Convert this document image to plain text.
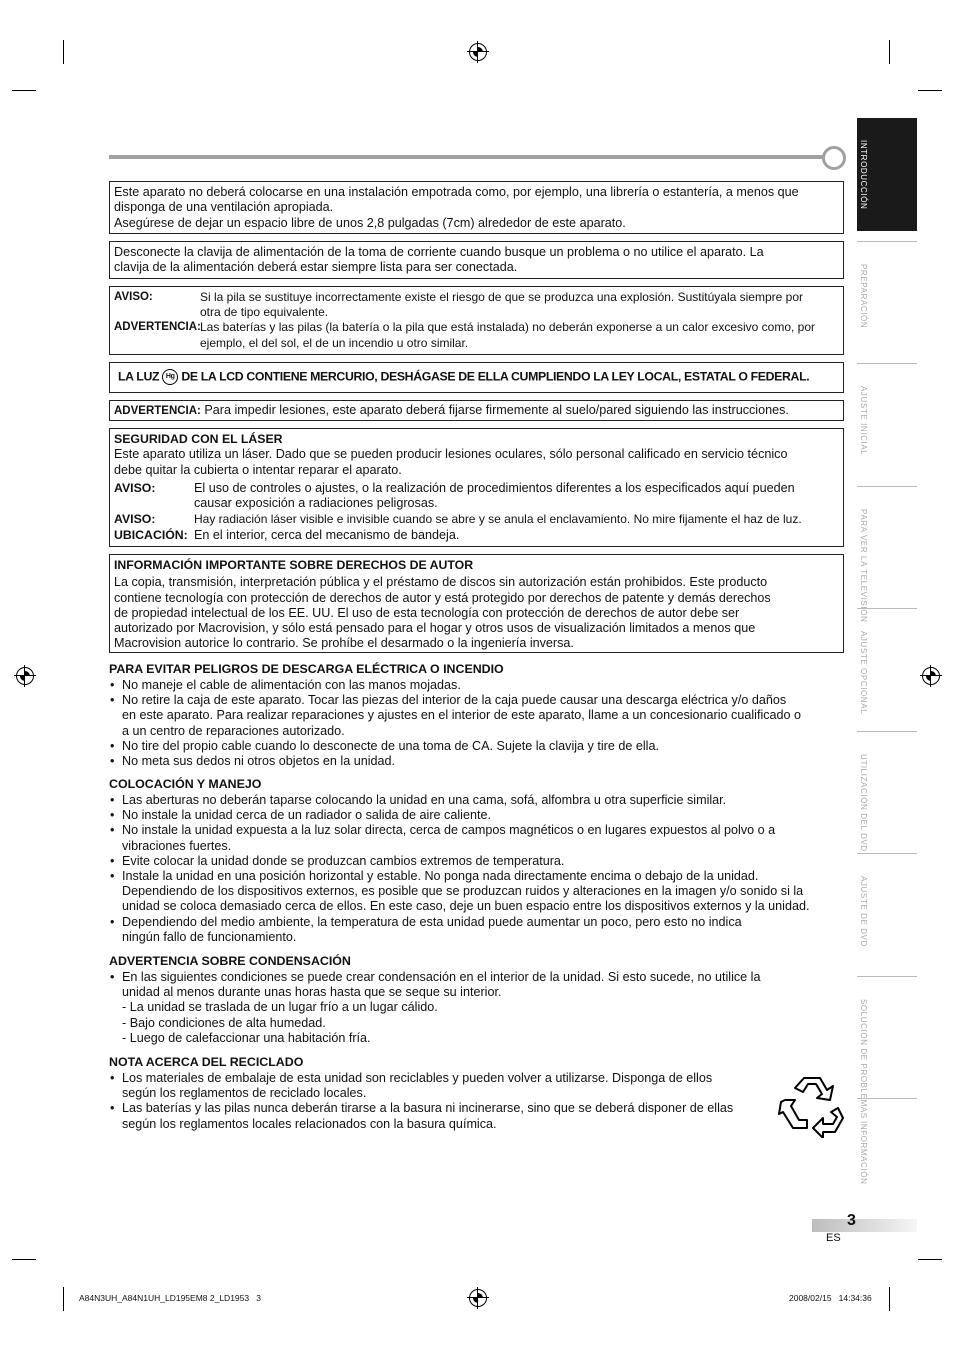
INTRODUCCIÓN
PREPARACIÓN
AJUSTE INICIAL
PARA VER LA TELEVISIÓN
AJUSTE OPCIONAL
UTILIZACIÓN DEL DVD
AJUSTE DE DVD
SOLUCIÓN DE PROBLEMAS
INFORMACIÓN
Este aparato no deberá colocarse en una instalación empotrada como, por ejemplo, una librería o estantería, a menos que
disponga de una ventilación apropiada.
Asegúrese de dejar un espacio libre de unos 2,8 pulgadas (7cm) alrededor de este aparato.
Desconecte la clavija de alimentación de la toma de corriente cuando busque un problema o no utilice el aparato. La
clavija de la alimentación deberá estar siempre lista para ser conectada.
AVISO:	Si la pila se sustituye incorrectamente existe el riesgo de que se produzca una explosión. Sustitúyala siempre por
otra de tipo equivalente.
ADVERTENCIA: Las baterías y las pilas (la batería o la pila que está instalada) no deberán exponerse a un calor excesivo como, por
ejemplo, el del sol, el de un incendio u otro similar.
LA LUZ Hg DE LA LCD CONTIENE MERCURIO, DESHÁGASE DE ELLA CUMPLIENDO LA LEY LOCAL, ESTATAL O FEDERAL.
ADVERTENCIA: Para impedir lesiones, este aparato deberá fijarse firmemente al suelo/pared siguiendo las instrucciones.
SEGURIDAD CON EL LÁSER
Este aparato utiliza un láser. Dado que se pueden producir lesiones oculares, sólo personal calificado en servicio técnico
debe quitar la cubierta o intentar reparar el aparato.
AVISO:	El uso de controles o ajustes, o la realización de procedimientos diferentes a los especificados aquí pueden
causar exposición a radiaciones peligrosas.
AVISO:	Hay radiación láser visible e invisible cuando se abre y se anula el enclavamiento. No mire fijamente el haz de luz.
UBICACIÓN: En el interior, cerca del mecanismo de bandeja.
INFORMACIÓN IMPORTANTE SOBRE DERECHOS DE AUTOR
La copia, transmisión, interpretación pública y el préstamo de discos sin autorización están prohibidos. Este producto
contiene tecnología con protección de derechos de autor y está protegido por derechos de patente y demás derechos
de propiedad intelectual de los EE. UU. El uso de esta tecnología con protección de derechos de autor debe ser
autorizado por Macrovision, y sólo está pensado para el hogar y otros usos de visualización limitados a menos que
Macrovision autorice lo contrario. Se prohíbe el desarmado o la ingeniería inversa.
PARA EVITAR PELIGROS DE DESCARGA ELÉCTRICA O INCENDIO
• No maneje el cable de alimentación con las manos mojadas.
• No retire la caja de este aparato. Tocar las piezas del interior de la caja puede causar una descarga eléctrica y/o daños
en este aparato. Para realizar reparaciones y ajustes en el interior de este aparato, llame a un concesionario cualificado o
a un centro de reparaciones autorizado.
• No tire del propio cable cuando lo desconecte de una toma de CA. Sujete la clavija y tire de ella.
• No meta sus dedos ni otros objetos en la unidad.
COLOCACIÓN Y MANEJO
• Las aberturas no deberán taparse colocando la unidad en una cama, sofá, alfombra u otra superficie similar.
• No instale la unidad cerca de un radiador o salida de aire caliente.
• No instale la unidad expuesta a la luz solar directa, cerca de campos magnéticos o en lugares expuestos al polvo o a
vibraciones fuertes.
• Evite colocar la unidad donde se produzcan cambios extremos de temperatura.
• Instale la unidad en una posición horizontal y estable. No ponga nada directamente encima o debajo de la unidad.
Dependiendo de los dispositivos externos, es posible que se produzcan ruidos y alteraciones en la imagen y/o sonido si la
unidad se coloca demasiado cerca de ellos. En este caso, deje un buen espacio entre los dispositivos externos y la unidad.
• Dependiendo del medio ambiente, la temperatura de esta unidad puede aumentar un poco, pero esto no indica
ningún fallo de funcionamiento.
ADVERTENCIA SOBRE CONDENSACIÓN
• En las siguientes condiciones se puede crear condensación en el interior de la unidad. Si esto sucede, no utilice la
unidad al menos durante unas horas hasta que se seque su interior.
- La unidad se traslada de un lugar frío a un lugar cálido.
- Bajo condiciones de alta humedad.
- Luego de calefaccionar una habitación fría.
NOTA ACERCA DEL RECICLADO
• Los materiales de embalaje de esta unidad son reciclables y pueden volver a utilizarse. Disponga de ellos
según los reglamentos de reciclado locales.
• Las baterías y las pilas nunca deberán tirarse a la basura ni incinerarse, sino que se deberá disponer de ellas
según los reglamentos locales relacionados con la basura química.
3
ES
A84N3UH_A84N1UH_LD195EM8 2_LD1953   3	2008/02/15   14:34:36
